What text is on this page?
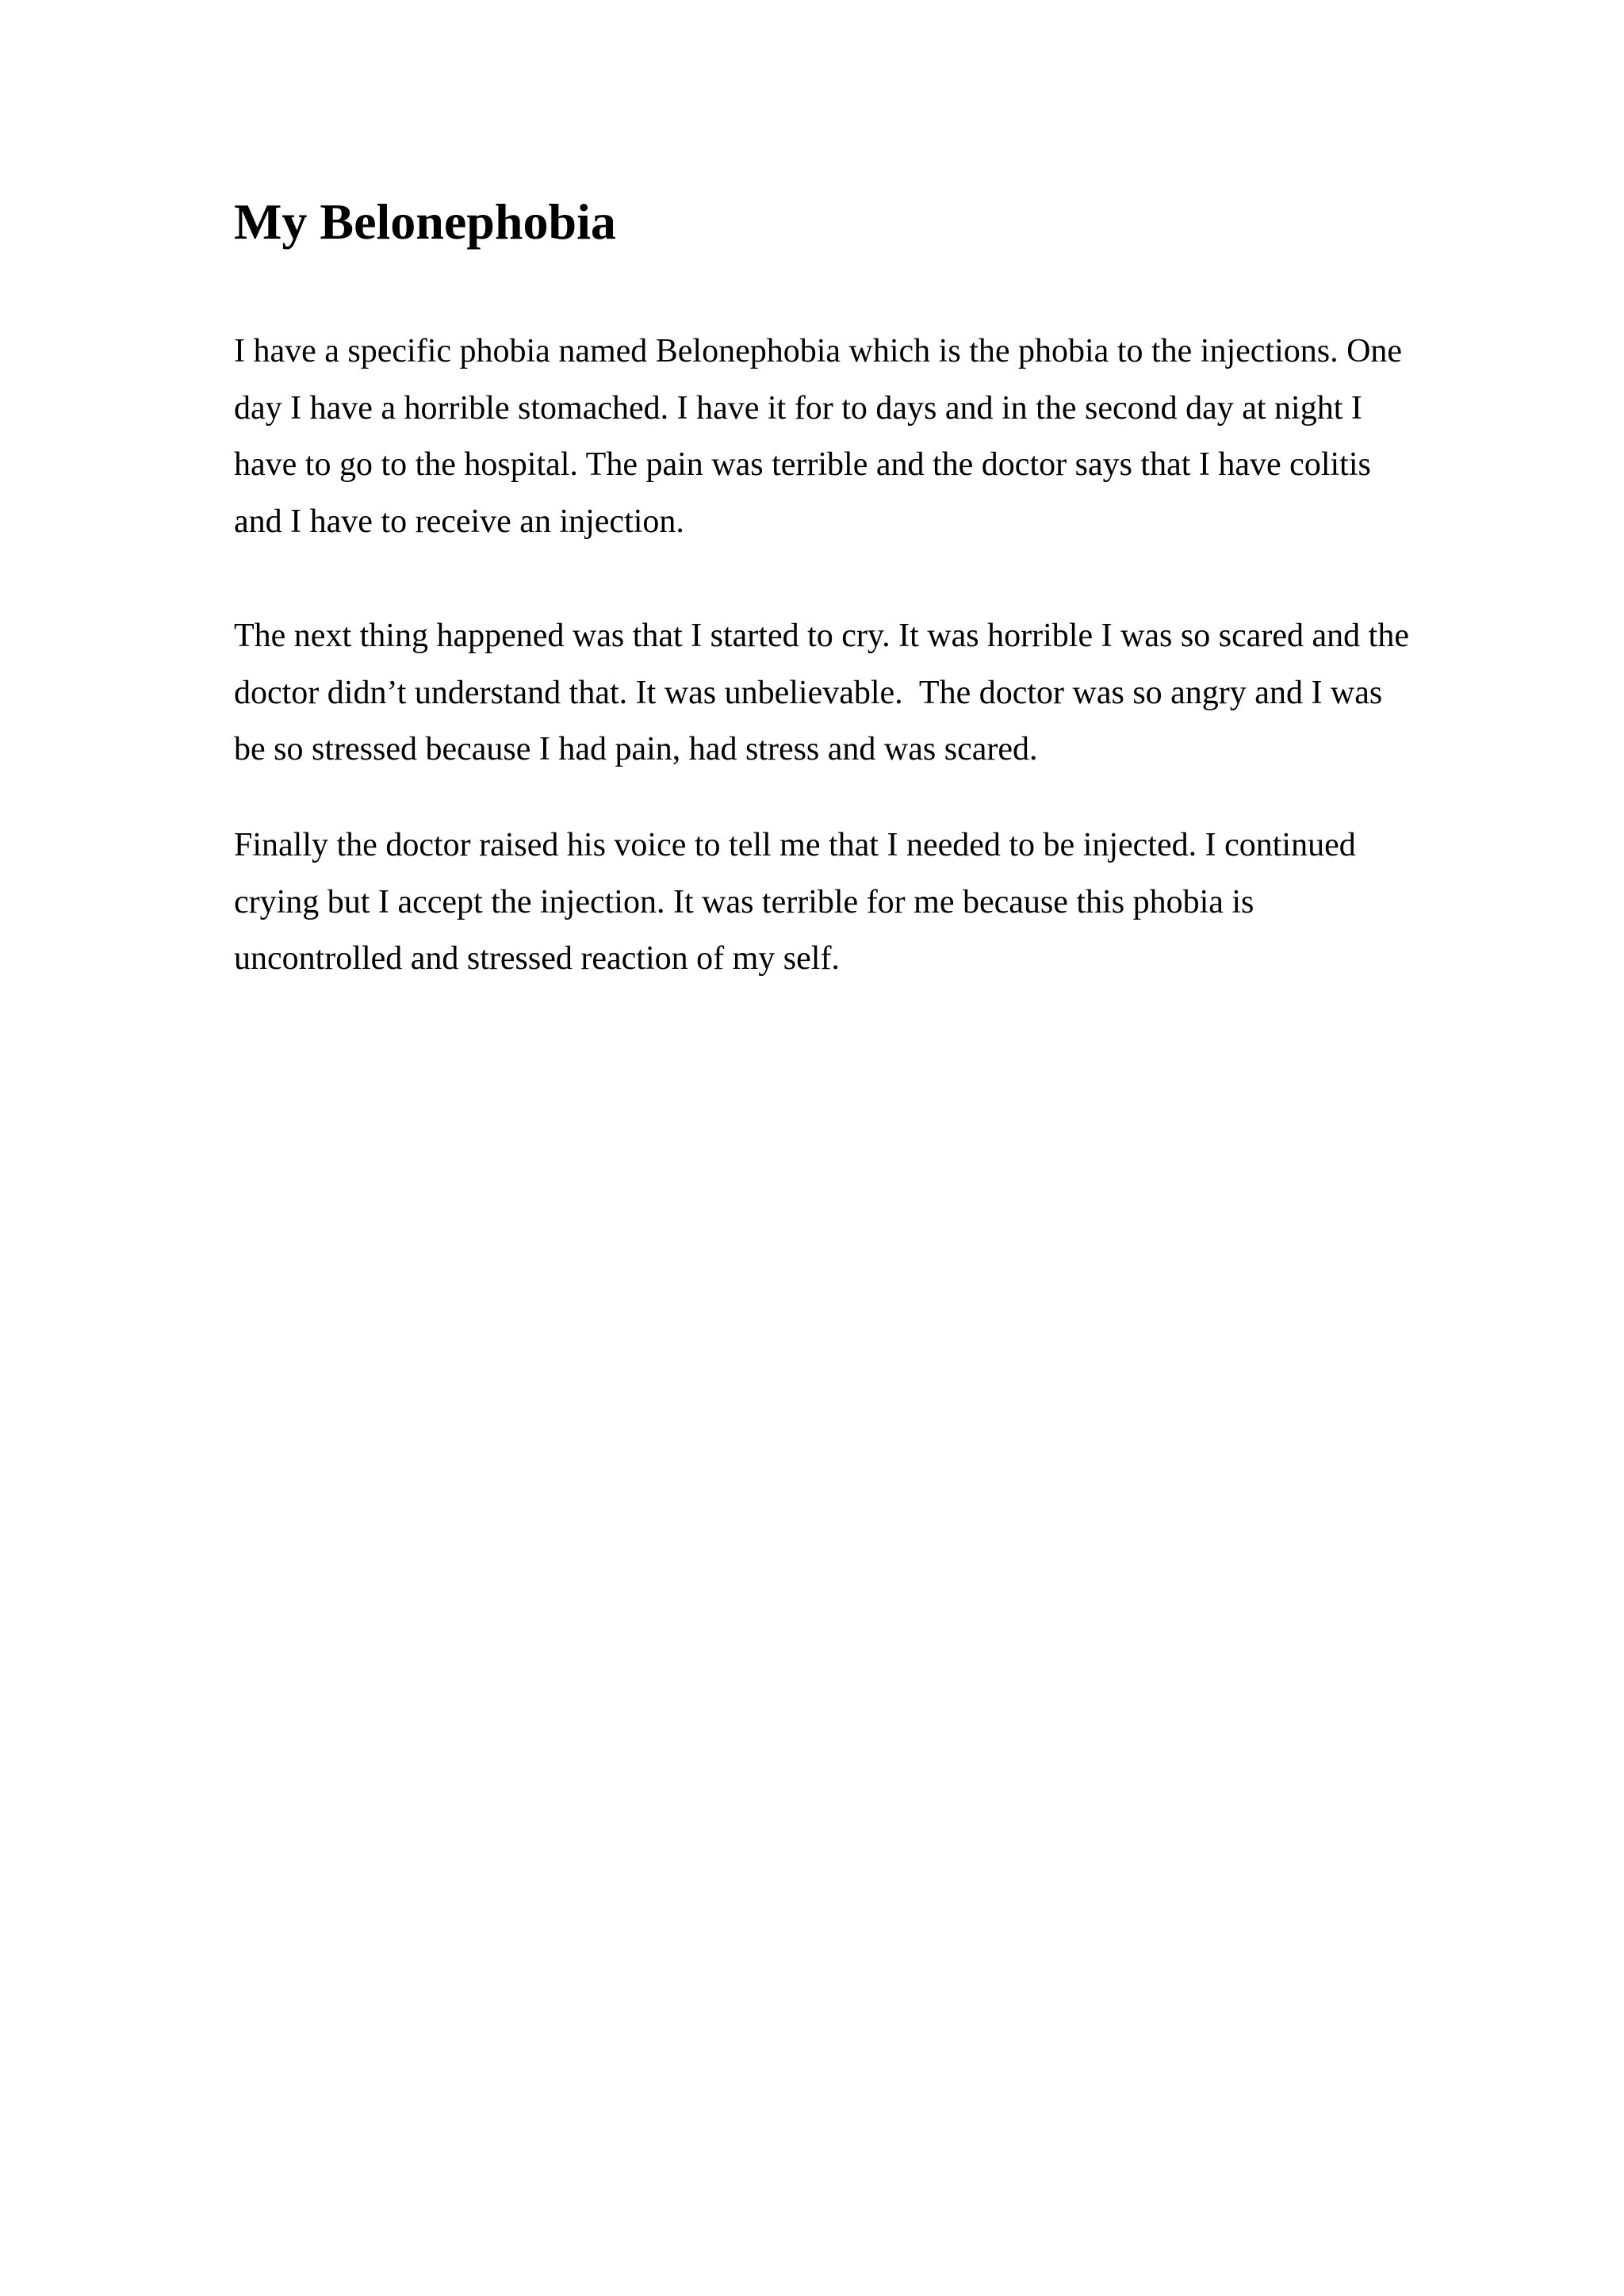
My Belonephobia

I have a specific phobia named Belonephobia which is the phobia to the injections. One
day I have a horrible stomached. I have it for to days and in the second day at night I
have to go to the hospital. The pain was terrible and the doctor says that I have colitis
and I have to receive an injection.

The next thing happened was that I started to cry. It was horrible I was so scared and the
doctor didn’t understand that. It was unbelievable.  The doctor was so angry and I was
be so stressed because I had pain, had stress and was scared.

Finally the doctor raised his voice to tell me that I needed to be injected. I continued
crying but I accept the injection. It was terrible for me because this phobia is
uncontrolled and stressed reaction of my self.
